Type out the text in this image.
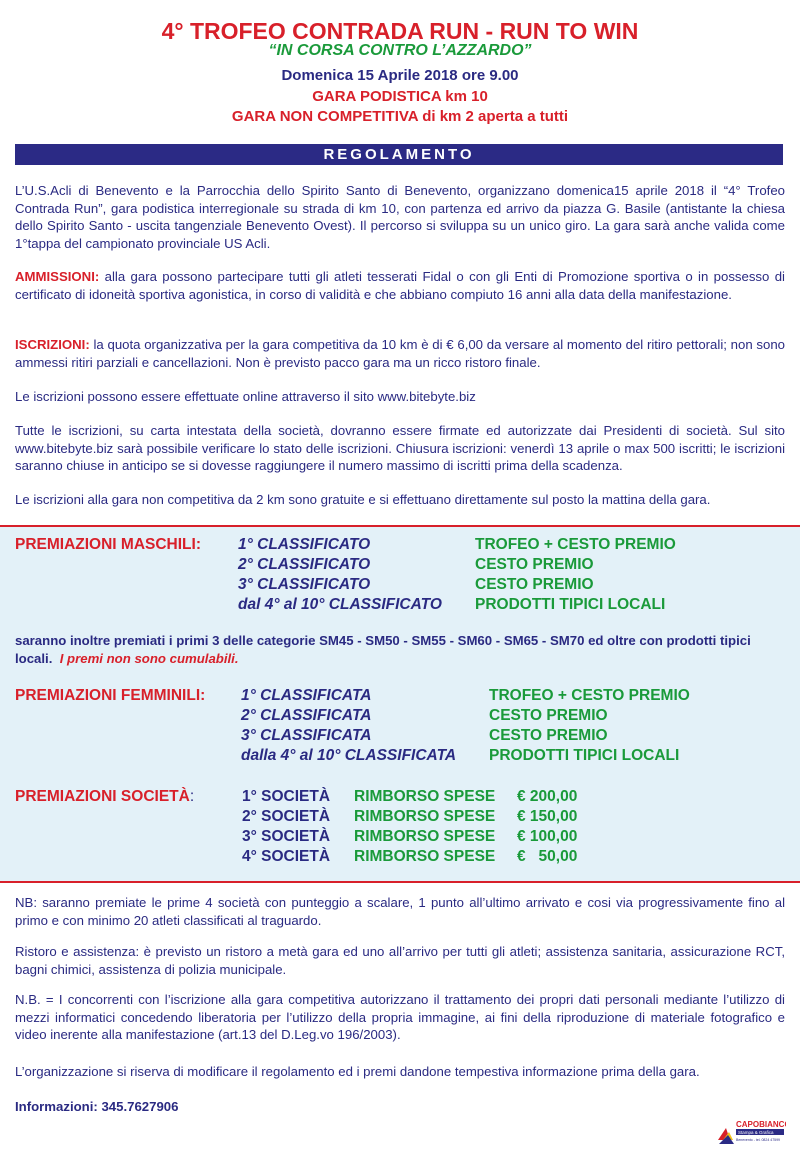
4° TROFEO CONTRADA RUN - RUN TO WIN
“IN CORSA CONTRO L’AZZARDO”
Domenica 15 Aprile 2018 ore 9.00
GARA PODISTICA km 10
GARA NON COMPETITIVA di km 2 aperta a tutti
REGOLAMENTO
L’U.S.Acli di Benevento e la Parrocchia dello Spirito Santo di Benevento, organizzano domenica15 aprile 2018 il “4° Trofeo Contrada Run”, gara podistica interregionale su strada di km 10, con partenza ed arrivo da piazza G. Basile (antistante la chiesa dello Spirito Santo - uscita tangenziale Benevento Ovest). Il percorso si sviluppa su un unico giro. La gara sarà anche valida come 1°tappa del campionato provinciale US Acli.
AMMISSIONI: alla gara possono partecipare tutti gli atleti tesserati Fidal o con gli Enti di Promozione sportiva o in possesso di certificato di idoneità sportiva agonistica, in corso di validità e che abbiano compiuto 16 anni alla data della manifestazione.
ISCRIZIONI: la quota organizzativa per la gara competitiva da 10 km è di € 6,00 da versare al momento del ritiro pettorali; non sono ammessi ritiri parziali e cancellazioni. Non è previsto pacco gara ma un ricco ristoro finale.
Le iscrizioni possono essere effettuate online attraverso il sito www.bitebyte.biz
Tutte le iscrizioni, su carta intestata della società, dovranno essere firmate ed autorizzate dai Presidenti di società. Sul sito www.bitebyte.biz sarà possibile verificare lo stato delle iscrizioni. Chiusura iscrizioni: venerdì 13 aprile o max 500 iscritti; le iscrizioni saranno chiuse in anticipo se si dovesse raggiungere il numero massimo di iscritti prima della scadenza.
Le iscrizioni alla gara non competitiva da 2 km sono gratuite e si effettuano direttamente sul posto la mattina della gara.
PREMIAZIONI MASCHILI: 1° CLASSIFICATO
2° CLASSIFICATO
3° CLASSIFICATO
dal 4° al 10° CLASSIFICATO
TROFEO + CESTO PREMIO
CESTO PREMIO
CESTO PREMIO
PRODOTTI TIPICI LOCALI
saranno inoltre premiati i primi 3 delle categorie SM45 - SM50 - SM55 - SM60 - SM65 - SM70 ed oltre con prodotti tipici locali. I premi non sono cumulabili.
PREMIAZIONI FEMMINILI: 1° CLASSIFICATA
2° CLASSIFICATA
3° CLASSIFICATA
dalla 4° al 10° CLASSIFICATA
TROFEO + CESTO PREMIO
CESTO PREMIO
CESTO PREMIO
PRODOTTI TIPICI LOCALI
PREMIAZIONI SOCIETÀ:	1° SOCIETÀ
2° SOCIETÀ
3° SOCIETÀ
4° SOCIETÀ
RIMBORSO SPESE
RIMBORSO SPESE
RIMBORSO SPESE
RIMBORSO SPESE
€ 200,00
€ 150,00
€ 100,00
€   50,00
NB: saranno premiate le prime 4 società con punteggio a scalare, 1 punto all’ultimo arrivato e cosi via progressivamente fino al primo e con minimo 20 atleti classificati al traguardo.
Ristoro e assistenza: è previsto un ristoro a metà gara ed uno all’arrivo per tutti gli atleti; assistenza sanitaria, assicurazione RCT, bagni chimici, assistenza di polizia municipale.
N.B. = I concorrenti con l’iscrizione alla gara competitiva autorizzano il trattamento dei propri dati personali mediante l’utilizzo di mezzi informatici concedendo liberatoria per l’utilizzo della propria immagine, ai fini della riproduzione di materiale fotografico e video inerente alla manifestazione (art.13 del D.Leg.vo 196/2003).
L’organizzazione si riserva di modificare il regolamento ed i premi dandone tempestiva informazione prima della gara.
Informazioni: 345.7627906
CAPOBIANCO
Stampa & Grafica
Benevento - tel. 0824 47599
